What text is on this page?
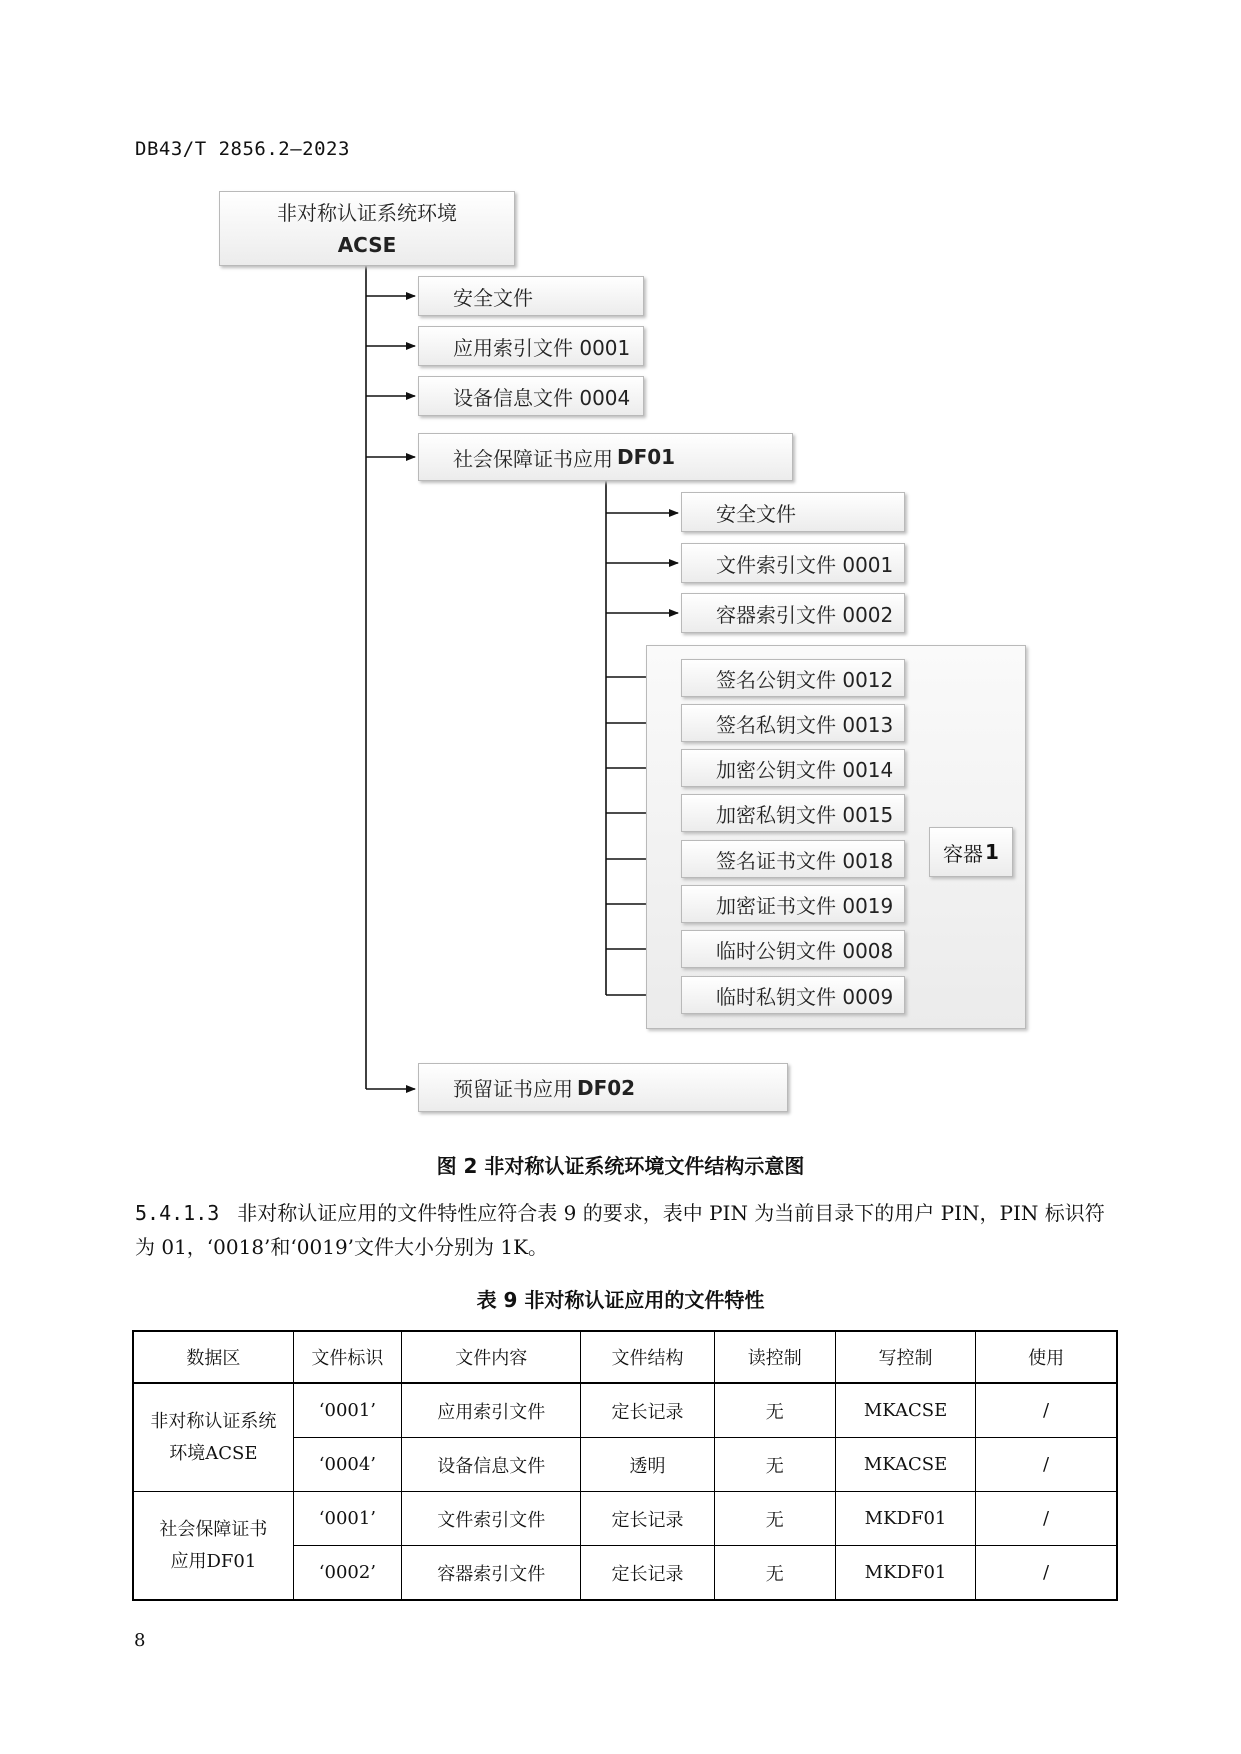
DB43/T 2856.2—2023
非对称认证系统环境
ACSE
安全文件
应用索引文件 0001
设备信息文件 0004
社会保障证书应用 DF01
预留证书应用 DF02
安全文件
文件索引文件 0001
容器索引文件 0002
签名公钥文件 0012
签名私钥文件 0013
加密公钥文件 0014
加密私钥文件 0015
签名证书文件 0018
加密证书文件 0019
临时公钥文件 0008
临时私钥文件 0009
容器 1
图 2 非对称认证系统环境文件结构示意图
5.4.1.3 非对称认证应用的文件特性应符合表 9 的要求，表中 PIN 为当前目录下的用户 PIN，PIN 标识符为 01，‘0018’和‘0019’文件大小分别为 1K。
表 9 非对称认证应用的文件特性
数据区	文件标识	文件内容	文件结构	读控制	写控制	使用
非对称认证系统
环境ACSE	‘0001’	应用索引文件	定长记录	无	MKACSE	/
	‘0004’	设备信息文件	透明	无	MKACSE	/
社会保障证书
应用DF01	‘0001’	文件索引文件	定长记录	无	MKDF01	/
	‘0002’	容器索引文件	定长记录	无	MKDF01	/
8
